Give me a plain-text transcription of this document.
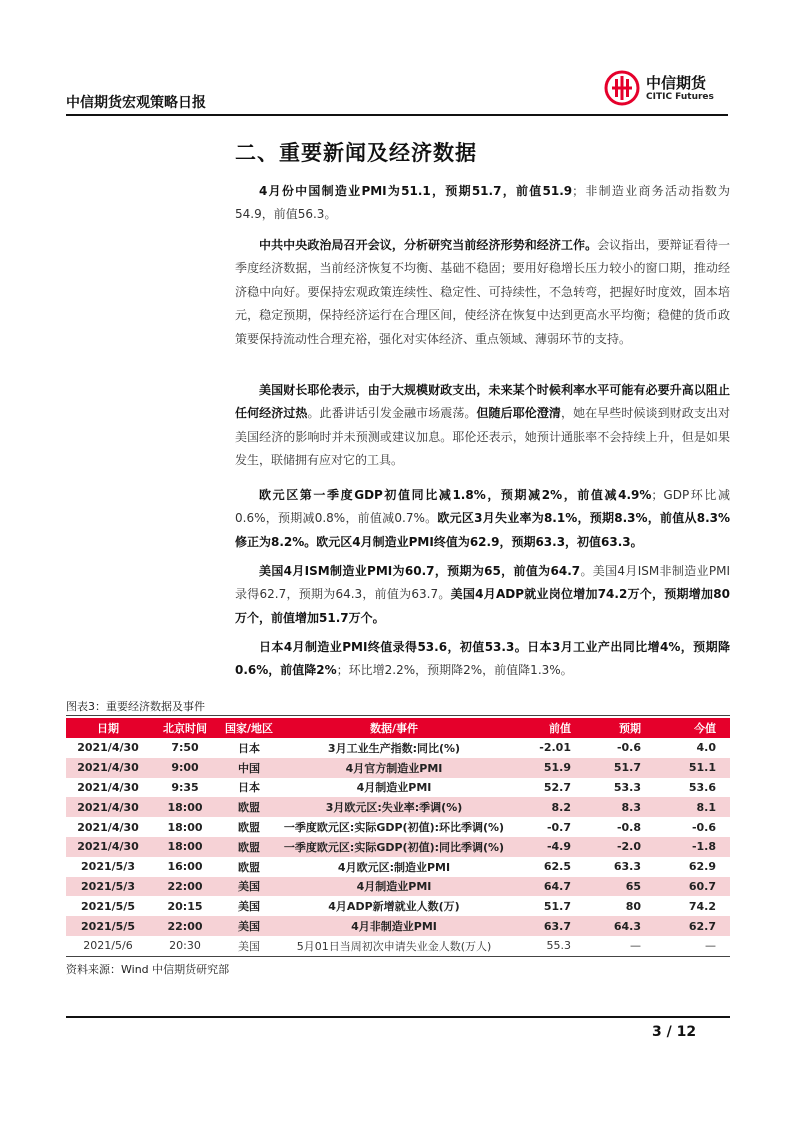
中信期货宏观策略日报
中信期货
CITIC Futures
二、重要新闻及经济数据
4月份中国制造业PMI为51.1，预期51.7，前值51.9；非制造业商务活动指数为54.9，前值56.3。
中共中央政治局召开会议，分析研究当前经济形势和经济工作。会议指出，要辩证看待一季度经济数据，当前经济恢复不均衡、基础不稳固；要用好稳增长压力较小的窗口期，推动经济稳中向好。要保持宏观政策连续性、稳定性、可持续性，不急转弯，把握好时度效，固本培元，稳定预期，保持经济运行在合理区间，使经济在恢复中达到更高水平均衡；稳健的货币政策要保持流动性合理充裕，强化对实体经济、重点领域、薄弱环节的支持。
美国财长耶伦表示，由于大规模财政支出，未来某个时候利率水平可能有必要升高以阻止任何经济过热。此番讲话引发金融市场震荡。但随后耶伦澄清，她在早些时候谈到财政支出对美国经济的影响时并未预测或建议加息。耶伦还表示，她预计通胀率不会持续上升，但是如果发生，联储拥有应对它的工具。
欧元区第一季度GDP初值同比减1.8%，预期减2%，前值减4.9%；GDP环比减0.6%，预期减0.8%，前值减0.7%。欧元区3月失业率为8.1%，预期8.3%，前值从8.3%修正为8.2%。欧元区4月制造业PMI终值为62.9，预期63.3，初值63.3。
美国4月ISM制造业PMI为60.7，预期为65，前值为64.7。美国4月ISM非制造业PMI录得62.7，预期为64.3，前值为63.7。美国4月ADP就业岗位增加74.2万个，预期增加80万个，前值增加51.7万个。
日本4月制造业PMI终值录得53.6，初值53.3。日本3月工业产出同比增4%，预期降0.6%，前值降2%；环比增2.2%，预期降2%，前值降1.3%。
图表3：重要经济数据及事件
日期	北京时间	国家/地区	数据/事件	前值	预期	今值
2021/4/30	7:50	日本	3月工业生产指数:同比(%)	-2.01	-0.6	4.0
2021/4/30	9:00	中国	4月官方制造业PMI	51.9	51.7	51.1
2021/4/30	9:35	日本	4月制造业PMI	52.7	53.3	53.6
2021/4/30	18:00	欧盟	3月欧元区:失业率:季调(%)	8.2	8.3	8.1
2021/4/30	18:00	欧盟	一季度欧元区:实际GDP(初值):环比季调(%)	-0.7	-0.8	-0.6
2021/4/30	18:00	欧盟	一季度欧元区:实际GDP(初值):同比季调(%)	-4.9	-2.0	-1.8
2021/5/3	16:00	欧盟	4月欧元区:制造业PMI	62.5	63.3	62.9
2021/5/3	22:00	美国	4月制造业PMI	64.7	65	60.7
2021/5/5	20:15	美国	4月ADP新增就业人数(万)	51.7	80	74.2
2021/5/5	22:00	美国	4月非制造业PMI	63.7	64.3	62.7
2021/5/6	20:30	美国	5月01日当周初次申请失业金人数(万人)	55.3	—	—
资料来源：Wind 中信期货研究部
3 / 12
